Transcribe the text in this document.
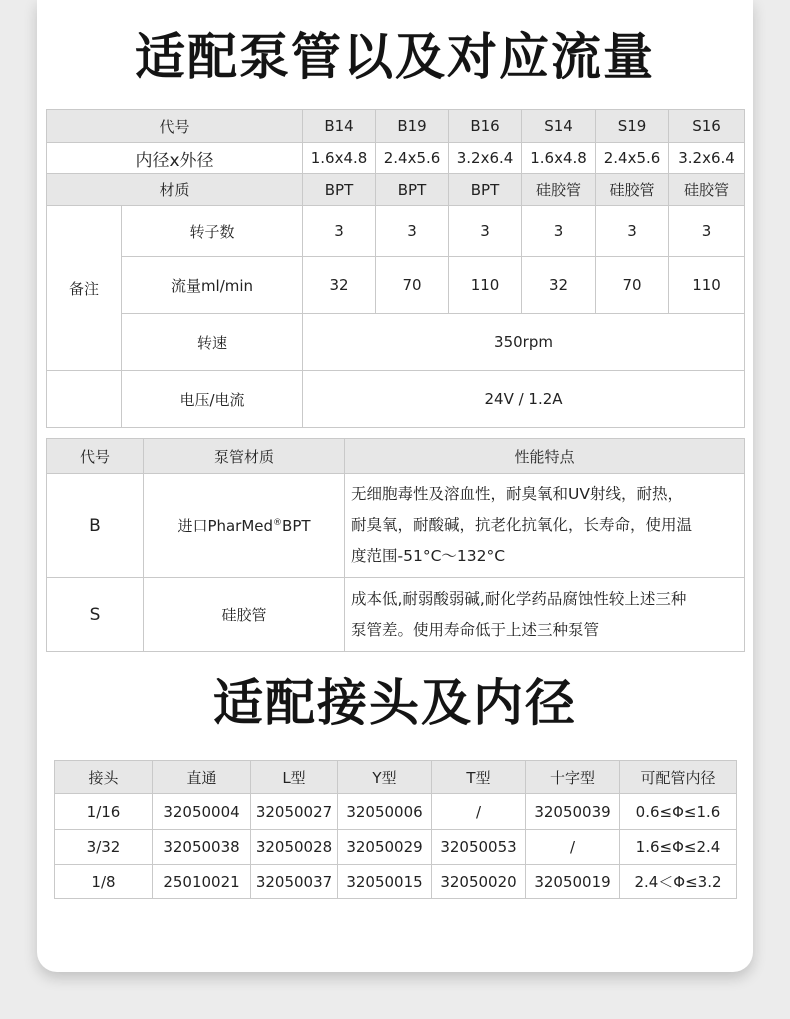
适配泵管以及对应流量
代号		B14	B19	B16	S14	S19	S16
内径x外径		1.6x4.8	2.4x5.6	3.2x6.4	1.6x4.8	2.4x5.6	3.2x6.4
材质		BPT	BPT	BPT	硅胶管	硅胶管	硅胶管
备注	转子数	3	3	3	3	3	3
	流量ml/min	32	70	110	32	70	110
	转速	350rpm					
	电压/电流	24V / 1.2A					
代号	泵管材质	性能特点
B	进口PharMed®BPT	无细胞毒性及溶血性，耐臭氧和UV射线，耐热，
耐臭氧，耐酸碱，抗老化抗氧化，长寿命，使用温
度范围-51°C～132°C

S	硅胶管	成本低,耐弱酸弱碱,耐化学药品腐蚀性较上述三种
泵管差。使用寿命低于上述三种泵管
适配接头及内径
接头	直通	L型	Y型	T型	十字型	可配管内径
1/16	32050004	32050027	32050006	/	32050039	0.6≤Φ≤1.6
3/32	32050038	32050028	32050029	32050053	/	1.6≤Φ≤2.4
1/8	25010021	32050037	32050015	32050020	32050019	2.4＜Φ≤3.2
